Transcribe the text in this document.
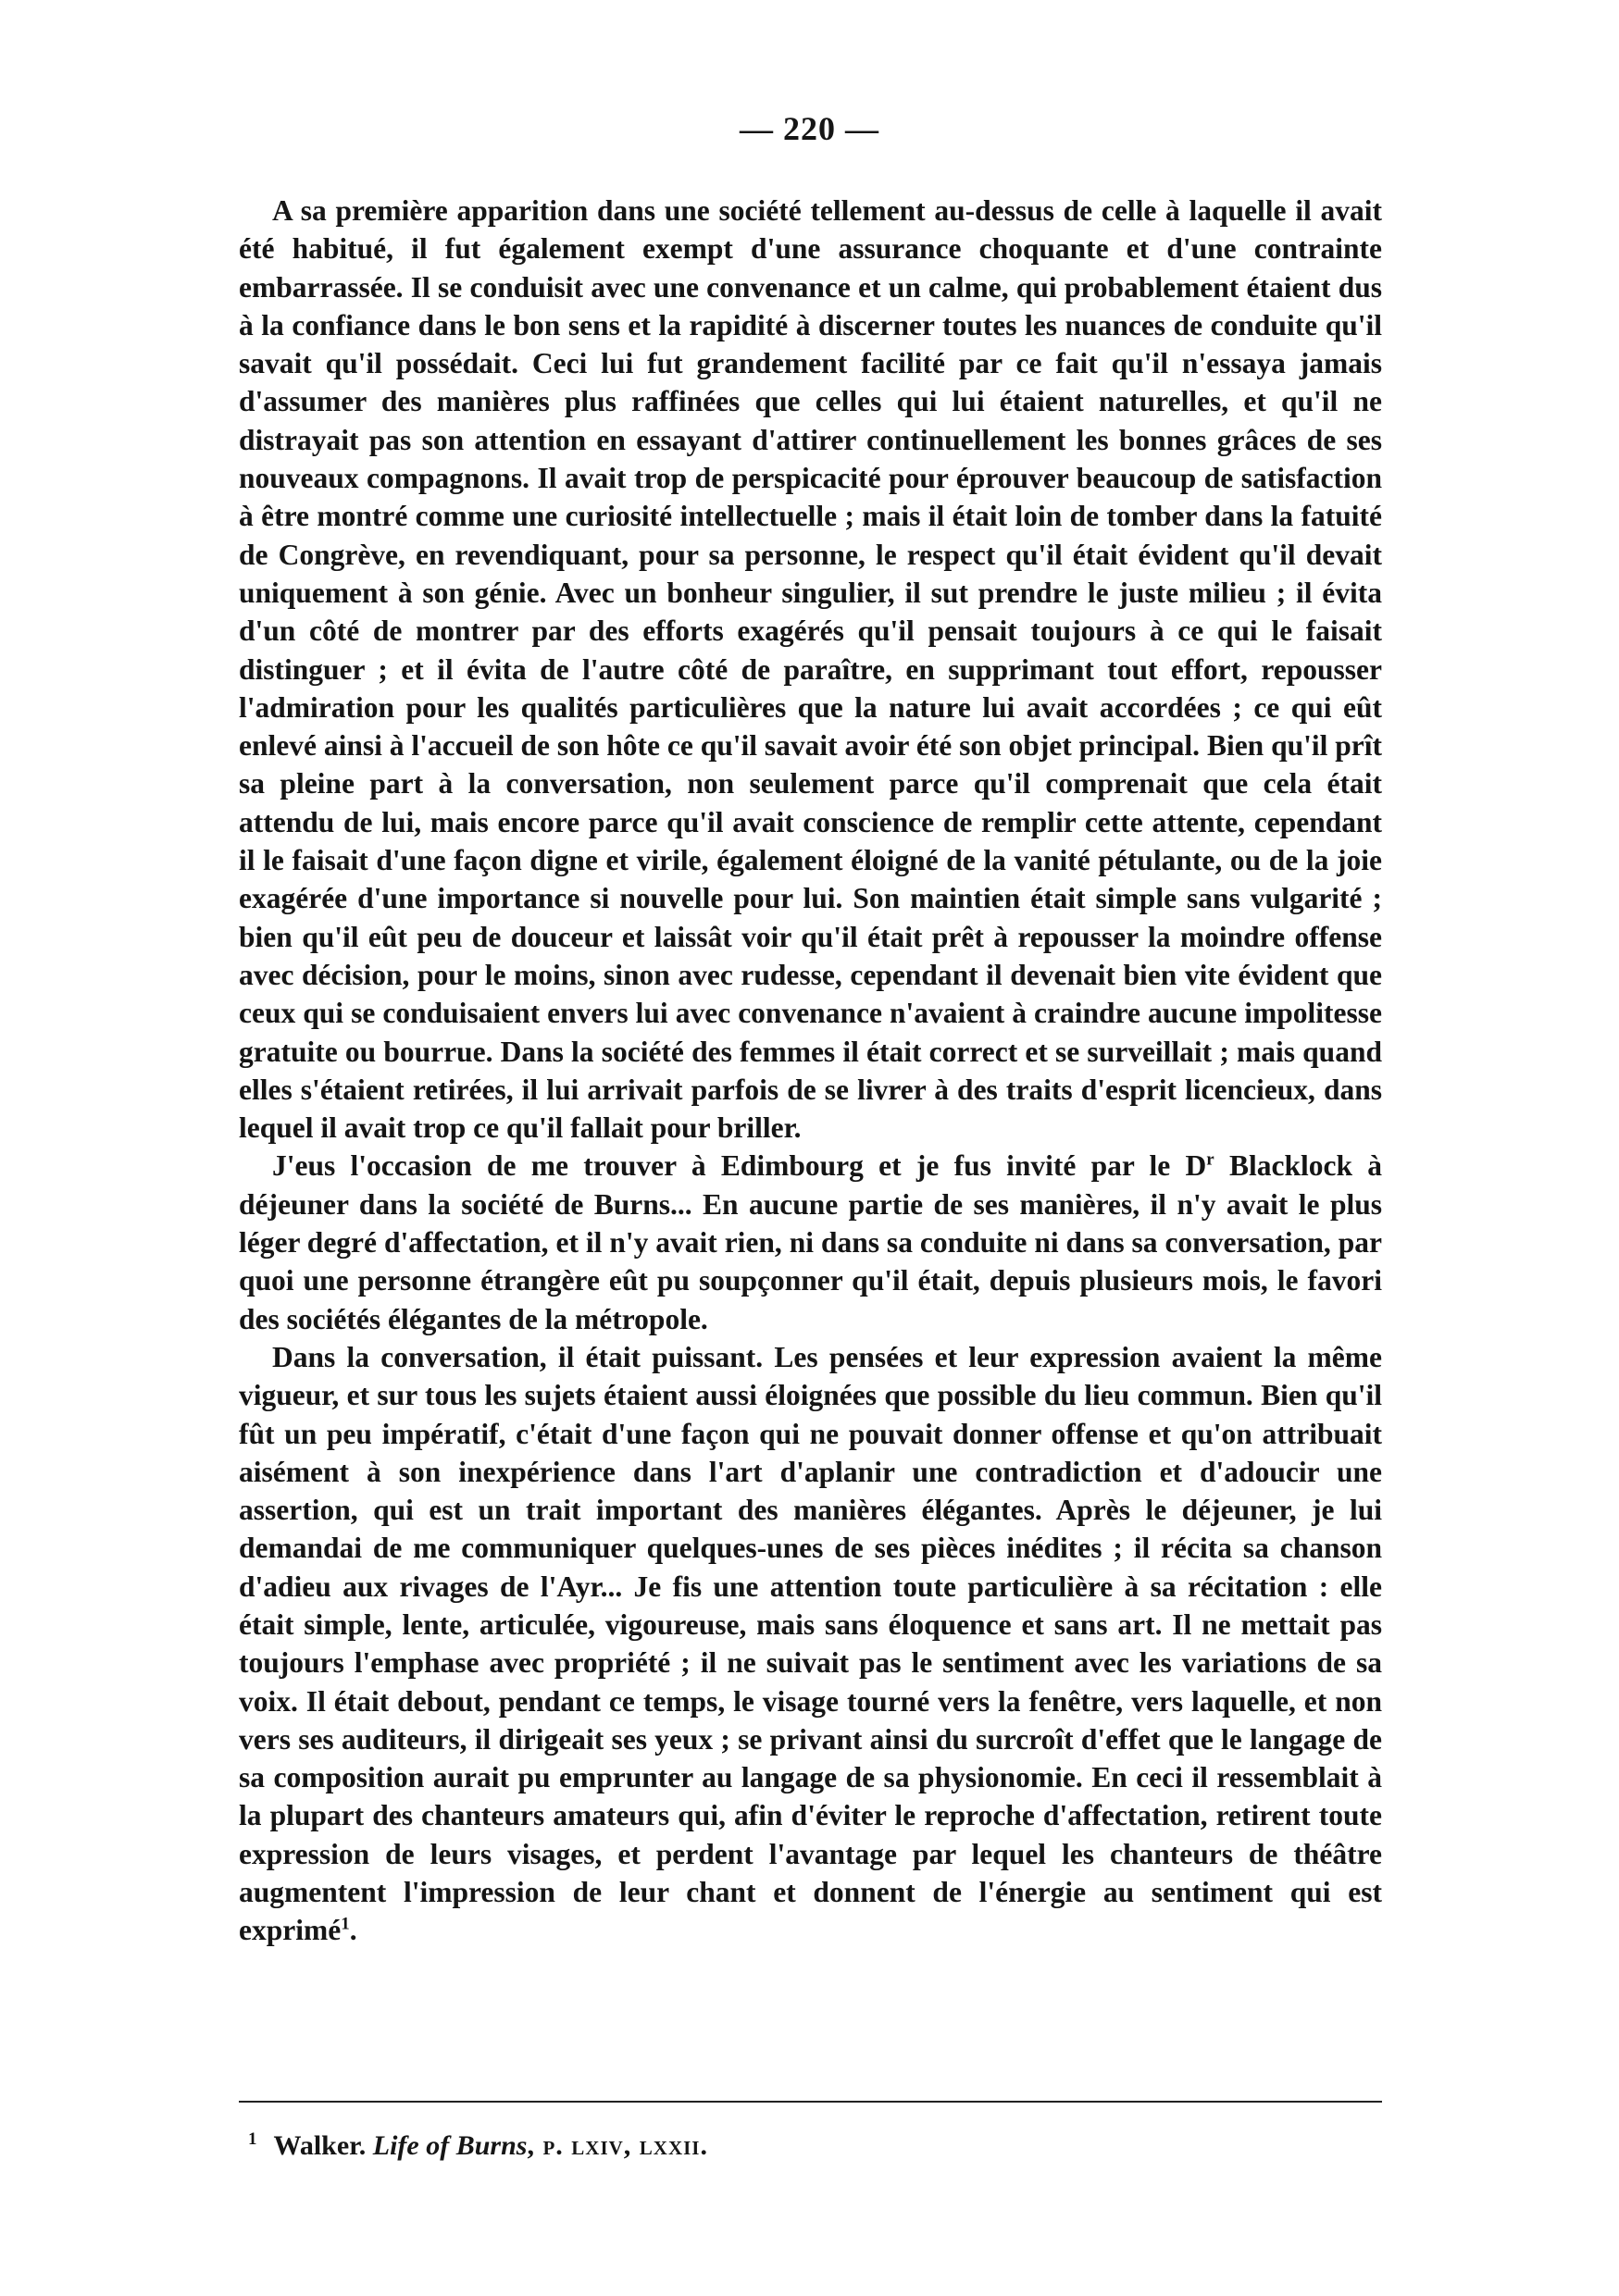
— 220 —

A sa première apparition dans une société tellement au-dessus de celle à laquelle il avait été habitué, il fut également exempt d'une assurance choquante et d'une contrainte embarrassée. Il se conduisit avec une convenance et un calme, qui probablement étaient dus à la confiance dans le bon sens et la rapidité à discerner toutes les nuances de conduite qu'il savait qu'il possédait. Ceci lui fut grandement facilité par ce fait qu'il n'essaya jamais d'assumer des manières plus raffinées que celles qui lui étaient naturelles, et qu'il ne distrayait pas son attention en essayant d'attirer continuellement les bonnes grâces de ses nouveaux compagnons. Il avait trop de perspicacité pour éprouver beaucoup de satisfaction à être montré comme une curiosité intellectuelle ; mais il était loin de tomber dans la fatuité de Congrève, en revendiquant, pour sa personne, le respect qu'il était évident qu'il devait uniquement à son génie. Avec un bonheur singulier, il sut prendre le juste milieu ; il évita d'un côté de montrer par des efforts exagérés qu'il pensait toujours à ce qui le faisait distinguer ; et il évita de l'autre côté de paraître, en supprimant tout effort, repousser l'admiration pour les qualités particulières que la nature lui avait accordées ; ce qui eût enlevé ainsi à l'accueil de son hôte ce qu'il savait avoir été son objet principal. Bien qu'il prît sa pleine part à la conversation, non seulement parce qu'il comprenait que cela était attendu de lui, mais encore parce qu'il avait conscience de remplir cette attente, cependant il le faisait d'une façon digne et virile, également éloigné de la vanité pétulante, ou de la joie exagérée d'une importance si nouvelle pour lui. Son maintien était simple sans vulgarité ; bien qu'il eût peu de douceur et laissât voir qu'il était prêt à repousser la moindre offense avec décision, pour le moins, sinon avec rudesse, cependant il devenait bien vite évident que ceux qui se conduisaient envers lui avec convenance n'avaient à craindre aucune impolitesse gratuite ou bourrue. Dans la société des femmes il était correct et se surveillait ; mais quand elles s'étaient retirées, il lui arrivait parfois de se livrer à des traits d'esprit licencieux, dans lequel il avait trop ce qu'il fallait pour briller.

J'eus l'occasion de me trouver à Edimbourg et je fus invité par le $D^r$ Blacklock à déjeuner dans la société de Burns... En aucune partie de ses manières, il n'y avait le plus léger degré d'affectation, et il n'y avait rien, ni dans sa conduite ni dans sa conversation, par quoi une personne étrangère eût pu soupçonner qu'il était, depuis plusieurs mois, le favori des sociétés élégantes de la métropole.

Dans la conversation, il était puissant. Les pensées et leur expression avaient la même vigueur, et sur tous les sujets étaient aussi éloignées que possible du lieu commun. Bien qu'il fût un peu impératif, c'était d'une façon qui ne pouvait donner offense et qu'on attribuait aisément à son inexpérience dans l'art d'aplanir une contradiction et d'adoucir une assertion, qui est un trait important des manières élégantes. Après le déjeuner, je lui demandai de me communiquer quelques-unes de ses pièces inédites ; il récita sa chanson d'adieu aux rivages de l'Ayr... Je fis une attention toute particulière à sa récitation : elle était simple, lente, articulée, vigoureuse, mais sans éloquence et sans art. Il ne mettait pas toujours l'emphase avec propriété ; il ne suivait pas le sentiment avec les variations de sa voix. Il était debout, pendant ce temps, le visage tourné vers la fenêtre, vers laquelle, et non vers ses auditeurs, il dirigeait ses yeux ; se privant ainsi du surcroît d'effet que le langage de sa composition aurait pu emprunter au langage de sa physionomie. En ceci il ressemblait à la plupart des chanteurs amateurs qui, afin d'éviter le reproche d'affectation, retirent toute expression de leurs visages, et perdent l'avantage par lequel les chanteurs de théâtre augmentent l'impression de leur chant et donnent de l'énergie au sentiment qui est exprimé$^1$.

$^1$ Walker. Life of Burns, p. lxiv, lxxii.
